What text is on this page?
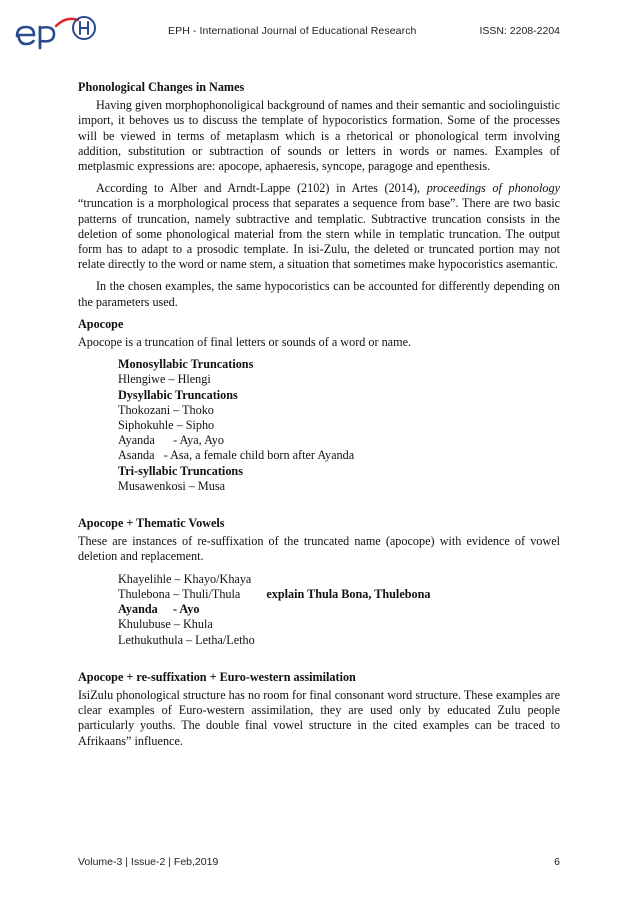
EPH - International Journal of Educational Research	ISSN: 2208-2204
Phonological Changes in Names

Having given morphophonoligical background of names and their semantic and sociolinguistic import, it behoves us to discuss the template of hypocoristics formation. Some of the processes will be viewed in terms of metaplasm which is a rhetorical or phonological term involving addition, substitution or subtraction of sounds or letters in words or names. Examples of metplasmic expressions are: apocope, aphaeresis, syncope, paragoge and epenthesis.

According to Alber and Arndt-Lappe (2102) in Artes (2014), proceedings of phonology “truncation is a morphological process that separates a sequence from base”. There are two basic patterns of truncation, namely subtractive and templatic. Subtractive truncation consists in the deletion of some phonological material from the stern while in templatic truncation. The output form has to adapt to a prosodic template. In isi-Zulu, the deleted or truncated portion may not relate directly to the word or name stem, a situation that sometimes make hypocoristics asemantic.

In the chosen examples, the same hypocoristics can be accounted for differently depending on the parameters used.

Apocope

Apocope is a truncation of final letters or sounds of a word or name.

Monosyllabic Truncations
Hlengiwe – Hlengi
Dysyllabic Truncations
Thokozani – Thoko
Siphokuhle – Sipho
Ayanda      - Aya, Ayo
Asanda   - Asa, a female child born after Ayanda
Tri-syllabic Truncations
Musawenkosi – Musa
Apocope + Thematic Vowels

These are instances of re-suffixation of the truncated name (apocope) with evidence of vowel deletion and replacement.

Khayelihle – Khayo/Khaya
Thulebona – Thuli/Thula explain Thula Bona, Thulebona
Ayanda     - Ayo
Khulubuse – Khula
Lethukuthula – Letha/Letho
Apocope + re-suffixation + Euro-western assimilation

IsiZulu phonological structure has no room for final consonant word structure. These examples are clear examples of Euro-western assimilation, they are used only by educated Zulu people particularly youths. The double final vowel structure in the cited examples can be traced to Afrikaans” influence.

Volume-3 | Issue-2 | Feb,2019	6
